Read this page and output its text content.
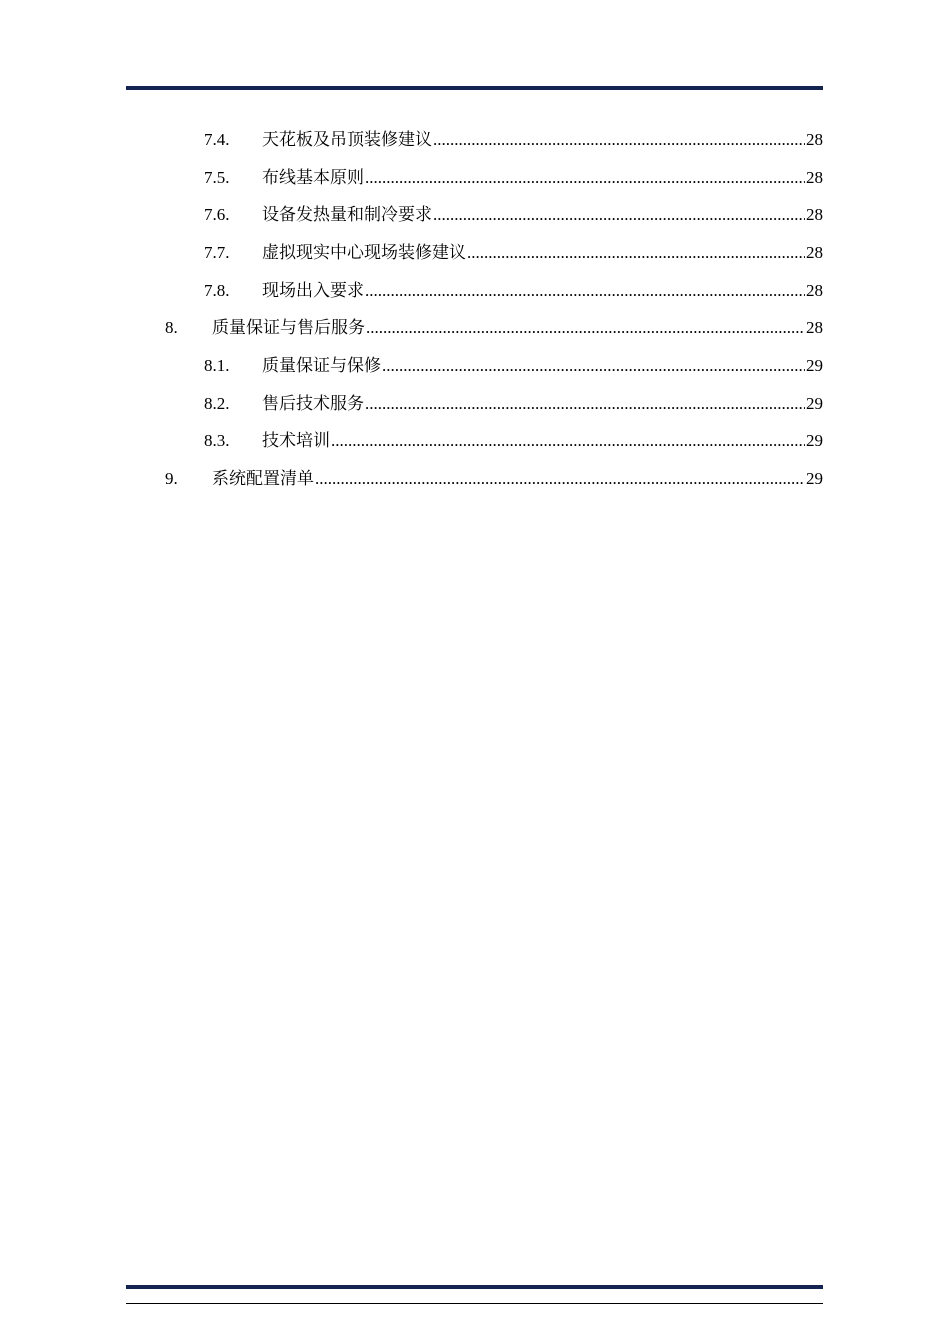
7.4.	天花板及吊顶装修建议 .....	28
7.5.	布线基本原则 .....	28
7.6.	设备发热量和制冷要求 .....	28
7.7.	虚拟现实中心现场装修建议 .....	28
7.8.	现场出入要求 .....	28
8.	质量保证与售后服务 .....	28
8.1.	质量保证与保修 .....	29
8.2.	售后技术服务 .....	29
8.3.	技术培训 .....	29
9.	系统配置清单 .....	29
